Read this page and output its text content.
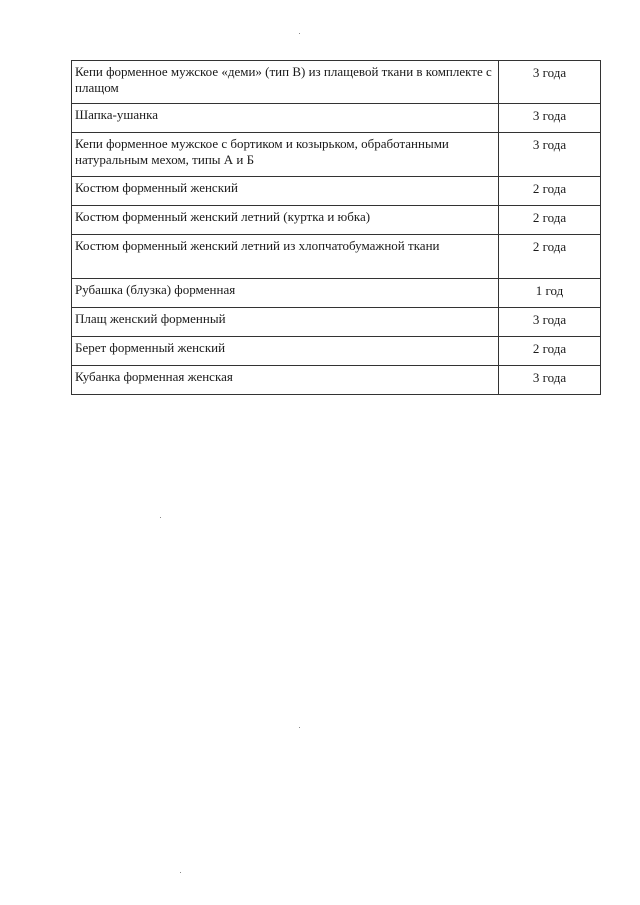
Кепи форменное мужское «деми» (тип В) из плащевой ткани в комплекте с плащом	3 года
Шапка-ушанка	3 года
Кепи форменное мужское с бортиком и козырьком, обработанными натуральным мехом, типы А и Б	3 года
Костюм форменный женский	2 года
Костюм форменный женский летний (куртка и юбка)	2 года
Костюм форменный женский летний из хлопчатобумажной ткани	2 года
Рубашка (блузка) форменная	1 год
Плащ женский форменный	3 года
Берет форменный женский	2 года
Кубанка форменная женская	3 года
